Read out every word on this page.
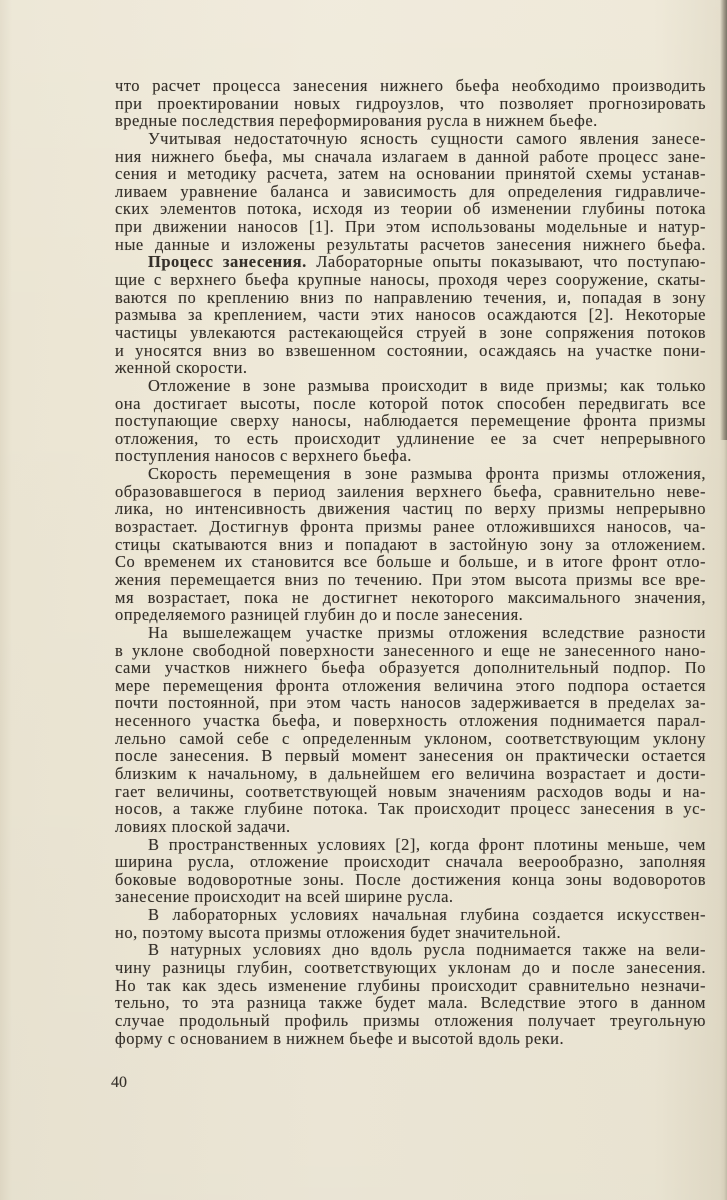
что расчет процесса занесения нижнего бьефа необходимо производить
при проектировании новых гидроузлов, что позволяет прогнозировать
вредные последствия переформирования русла в нижнем бьефе.
Учитывая недостаточную ясность сущности самого явления занесе-
ния нижнего бьефа, мы сначала излагаем в данной работе процесс зане-
сения и методику расчета, затем на основании принятой схемы устанав-
ливаем уравнение баланса и зависимость для определения гидравличе-
ских элементов потока, исходя из теории об изменении глубины потока
при движении наносов [1]. При этом использованы модельные и натур-
ные данные и изложены результаты расчетов занесения нижнего бьефа.
Процесс занесения. Лабораторные опыты показывают, что поступаю-
щие с верхнего бьефа крупные наносы, проходя через сооружение, скаты-
ваются по креплению вниз по направлению течения, и, попадая в зону
размыва за креплением, части этих наносов осаждаются [2]. Некоторые
частицы увлекаются растекающейся струей в зоне сопряжения потоков
и уносятся вниз во взвешенном состоянии, осаждаясь на участке пони-
женной скорости.
Отложение в зоне размыва происходит в виде призмы; как только
она достигает высоты, после которой поток способен передвигать все
поступающие сверху наносы, наблюдается перемещение фронта призмы
отложения, то есть происходит удлинение ее за счет непрерывного
поступления наносов с верхнего бьефа.
Скорость перемещения в зоне размыва фронта призмы отложения,
образовавшегося в период заиления верхнего бьефа, сравнительно неве-
лика, но интенсивность движения частиц по верху призмы непрерывно
возрастает. Достигнув фронта призмы ранее отложившихся наносов, ча-
стицы скатываются вниз и попадают в застойную зону за отложением.
Со временем их становится все больше и больше, и в итоге фронт отло-
жения перемещается вниз по течению. При этом высота призмы все вре-
мя возрастает, пока не достигнет некоторого максимального значения,
определяемого разницей глубин до и после занесения.
На вышележащем участке призмы отложения вследствие разности
в уклоне свободной поверхности занесенного и еще не занесенного нано-
сами участков нижнего бьефа образуется дополнительный подпор. По
мере перемещения фронта отложения величина этого подпора остается
почти постоянной, при этом часть наносов задерживается в пределах за-
несенного участка бьефа, и поверхность отложения поднимается парал-
лельно самой себе с определенным уклоном, соответствующим уклону
после занесения. В первый момент занесения он практически остается
близким к начальному, в дальнейшем его величина возрастает и дости-
гает величины, соответствующей новым значениям расходов воды и на-
носов, а также глубине потока. Так происходит процесс занесения в ус-
ловиях плоской задачи.
В пространственных условиях [2], когда фронт плотины меньше, чем
ширина русла, отложение происходит сначала веерообразно, заполняя
боковые водоворотные зоны. После достижения конца зоны водоворотов
занесение происходит на всей ширине русла.
В лабораторных условиях начальная глубина создается искусствен-
но, поэтому высота призмы отложения будет значительной.
В натурных условиях дно вдоль русла поднимается также на вели-
чину разницы глубин, соответствующих уклонам до и после занесения.
Но так как здесь изменение глубины происходит сравнительно незначи-
тельно, то эта разница также будет мала. Вследствие этого в данном
случае продольный профиль призмы отложения получает треугольную
форму с основанием в нижнем бьефе и высотой вдоль реки.
40
